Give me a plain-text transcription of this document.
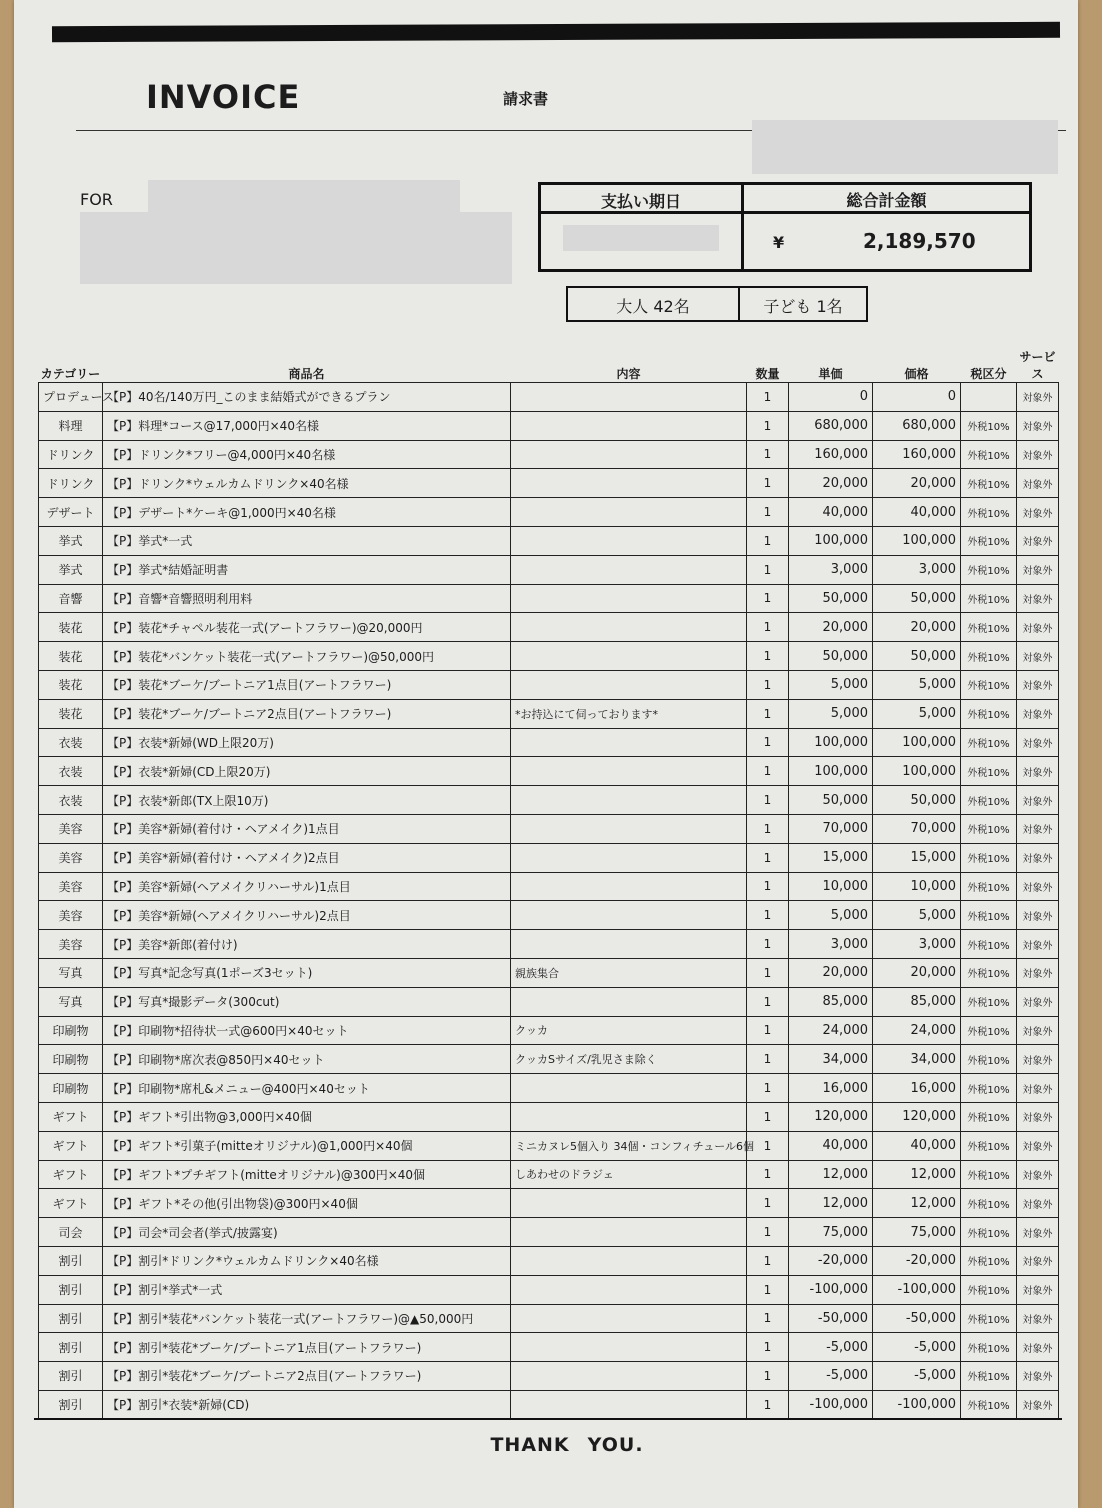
INVOICE	請求書
FOR	支払い期日	総合計金額
¥	2,189,570
大人 42名	子ども 1名
カテゴリー	商品名	内容	数量	単価	価格	税区分	サービス
プロデュース	【P】40名/140万円_このまま結婚式ができるプラン		1	0	0		対象外
料理	【P】料理*コース@17,000円×40名様		1	680,000	680,000	外税10%	対象外
ドリンク	【P】ドリンク*フリー@4,000円×40名様		1	160,000	160,000	外税10%	対象外
ドリンク	【P】ドリンク*ウェルカムドリンク×40名様		1	20,000	20,000	外税10%	対象外
デザート	【P】デザート*ケーキ@1,000円×40名様		1	40,000	40,000	外税10%	対象外
挙式	【P】挙式*一式		1	100,000	100,000	外税10%	対象外
挙式	【P】挙式*結婚証明書		1	3,000	3,000	外税10%	対象外
音響	【P】音響*音響照明利用料		1	50,000	50,000	外税10%	対象外
装花	【P】装花*チャペル装花一式(アートフラワー)@20,000円		1	20,000	20,000	外税10%	対象外
装花	【P】装花*バンケット装花一式(アートフラワー)@50,000円		1	50,000	50,000	外税10%	対象外
装花	【P】装花*ブーケ/ブートニア1点目(アートフラワー)		1	5,000	5,000	外税10%	対象外
装花	【P】装花*ブーケ/ブートニア2点目(アートフラワー)	*お持込にて伺っております*	1	5,000	5,000	外税10%	対象外
衣装	【P】衣装*新婦(WD上限20万)		1	100,000	100,000	外税10%	対象外
衣装	【P】衣装*新婦(CD上限20万)		1	100,000	100,000	外税10%	対象外
衣装	【P】衣装*新郎(TX上限10万)		1	50,000	50,000	外税10%	対象外
美容	【P】美容*新婦(着付け・ヘアメイク)1点目		1	70,000	70,000	外税10%	対象外
美容	【P】美容*新婦(着付け・ヘアメイク)2点目		1	15,000	15,000	外税10%	対象外
美容	【P】美容*新婦(ヘアメイクリハーサル)1点目		1	10,000	10,000	外税10%	対象外
美容	【P】美容*新婦(ヘアメイクリハーサル)2点目		1	5,000	5,000	外税10%	対象外
美容	【P】美容*新郎(着付け)		1	3,000	3,000	外税10%	対象外
写真	【P】写真*記念写真(1ポーズ3セット)	親族集合	1	20,000	20,000	外税10%	対象外
写真	【P】写真*撮影データ(300cut)		1	85,000	85,000	外税10%	対象外
印刷物	【P】印刷物*招待状一式@600円×40セット	クッカ	1	24,000	24,000	外税10%	対象外
印刷物	【P】印刷物*席次表@850円×40セット	クッカSサイズ/乳児さま除く	1	34,000	34,000	外税10%	対象外
印刷物	【P】印刷物*席札&メニュー@400円×40セット		1	16,000	16,000	外税10%	対象外
ギフト	【P】ギフト*引出物@3,000円×40個		1	120,000	120,000	外税10%	対象外
ギフト	【P】ギフト*引菓子(mitteオリジナル)@1,000円×40個	ミニカヌレ5個入り 34個・コンフィチュール6個	1	40,000	40,000	外税10%	対象外
ギフト	【P】ギフト*プチギフト(mitteオリジナル)@300円×40個	しあわせのドラジェ	1	12,000	12,000	外税10%	対象外
ギフト	【P】ギフト*その他(引出物袋)@300円×40個		1	12,000	12,000	外税10%	対象外
司会	【P】司会*司会者(挙式/披露宴)		1	75,000	75,000	外税10%	対象外
割引	【P】割引*ドリンク*ウェルカムドリンク×40名様		1	-20,000	-20,000	外税10%	対象外
割引	【P】割引*挙式*一式		1	-100,000	-100,000	外税10%	対象外
割引	【P】割引*装花*バンケット装花一式(アートフラワー)@▲50,000円		1	-50,000	-50,000	外税10%	対象外
割引	【P】割引*装花*ブーケ/ブートニア1点目(アートフラワー)		1	-5,000	-5,000	外税10%	対象外
割引	【P】割引*装花*ブーケ/ブートニア2点目(アートフラワー)		1	-5,000	-5,000	外税10%	対象外
割引	【P】割引*衣装*新婦(CD)		1	-100,000	-100,000	外税10%	対象外
THANK YOU.
